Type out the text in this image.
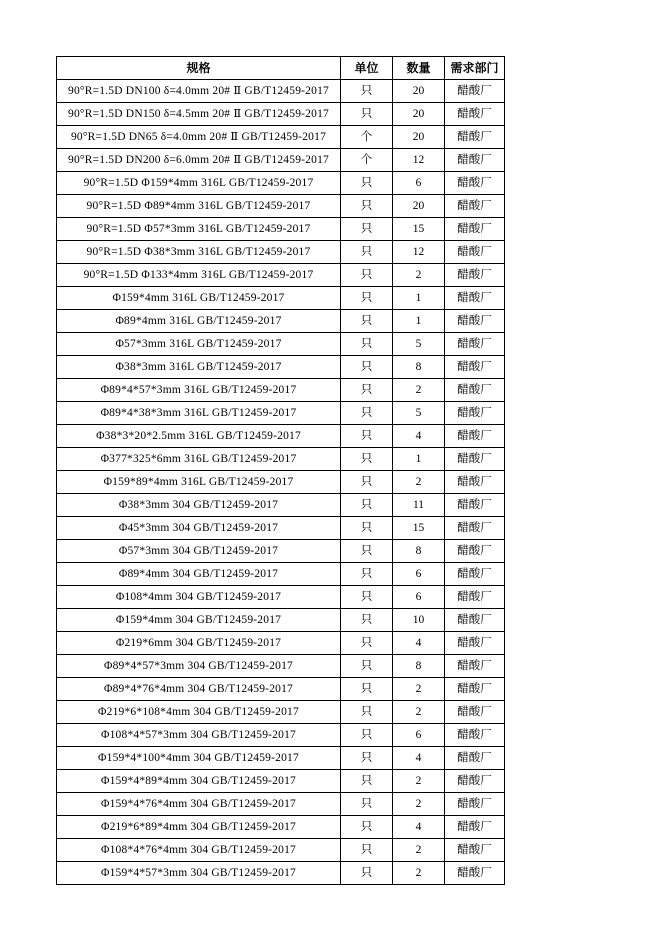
规格	单位	数量	需求部门
90°R=1.5D DN100 δ=4.0mm 20# Ⅱ GB/T12459-2017	只	20	醋酸厂
90°R=1.5D DN150 δ=4.5mm 20# Ⅱ GB/T12459-2017	只	20	醋酸厂
90°R=1.5D DN65 δ=4.0mm 20# Ⅱ GB/T12459-2017	个	20	醋酸厂
90°R=1.5D DN200 δ=6.0mm 20# Ⅱ GB/T12459-2017	个	12	醋酸厂
90°R=1.5D Φ159*4mm 316L GB/T12459-2017	只	6	醋酸厂
90°R=1.5D Φ89*4mm 316L GB/T12459-2017	只	20	醋酸厂
90°R=1.5D Φ57*3mm 316L GB/T12459-2017	只	15	醋酸厂
90°R=1.5D Φ38*3mm 316L GB/T12459-2017	只	12	醋酸厂
90°R=1.5D Φ133*4mm 316L GB/T12459-2017	只	2	醋酸厂
Φ159*4mm 316L GB/T12459-2017	只	1	醋酸厂
Φ89*4mm 316L GB/T12459-2017	只	1	醋酸厂
Φ57*3mm 316L GB/T12459-2017	只	5	醋酸厂
Φ38*3mm 316L GB/T12459-2017	只	8	醋酸厂
Φ89*4*57*3mm 316L GB/T12459-2017	只	2	醋酸厂
Φ89*4*38*3mm 316L GB/T12459-2017	只	5	醋酸厂
Φ38*3*20*2.5mm 316L GB/T12459-2017	只	4	醋酸厂
Φ377*325*6mm 316L GB/T12459-2017	只	1	醋酸厂
Φ159*89*4mm 316L GB/T12459-2017	只	2	醋酸厂
Φ38*3mm 304 GB/T12459-2017	只	11	醋酸厂
Φ45*3mm 304 GB/T12459-2017	只	15	醋酸厂
Φ57*3mm 304 GB/T12459-2017	只	8	醋酸厂
Φ89*4mm 304 GB/T12459-2017	只	6	醋酸厂
Φ108*4mm 304 GB/T12459-2017	只	6	醋酸厂
Φ159*4mm 304 GB/T12459-2017	只	10	醋酸厂
Φ219*6mm 304 GB/T12459-2017	只	4	醋酸厂
Φ89*4*57*3mm 304 GB/T12459-2017	只	8	醋酸厂
Φ89*4*76*4mm 304 GB/T12459-2017	只	2	醋酸厂
Φ219*6*108*4mm 304 GB/T12459-2017	只	2	醋酸厂
Φ108*4*57*3mm 304 GB/T12459-2017	只	6	醋酸厂
Φ159*4*100*4mm 304 GB/T12459-2017	只	4	醋酸厂
Φ159*4*89*4mm 304 GB/T12459-2017	只	2	醋酸厂
Φ159*4*76*4mm 304 GB/T12459-2017	只	2	醋酸厂
Φ219*6*89*4mm 304 GB/T12459-2017	只	4	醋酸厂
Φ108*4*76*4mm 304 GB/T12459-2017	只	2	醋酸厂
Φ159*4*57*3mm 304 GB/T12459-2017	只	2	醋酸厂
